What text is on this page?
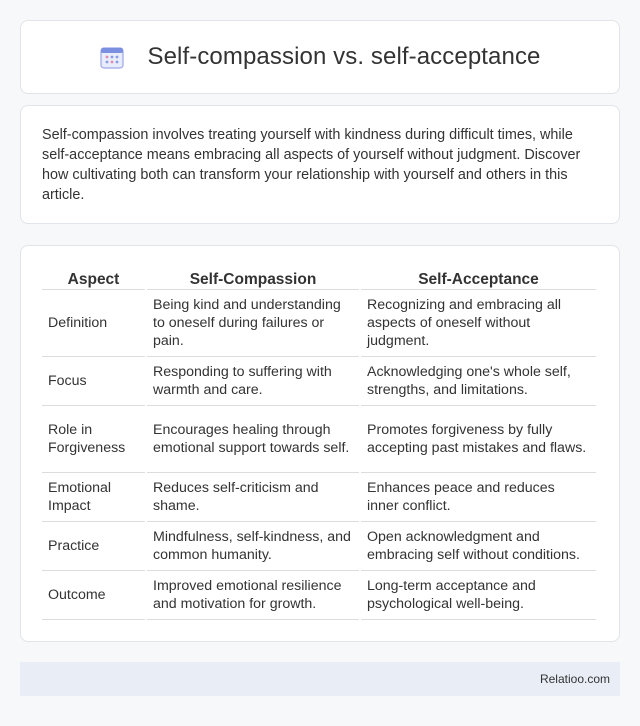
Self-compassion vs. self-acceptance

Self-compassion involves treating yourself with kindness during difficult times, while self-acceptance means embracing all aspects of yourself without judgment. Discover how cultivating both can transform your relationship with yourself and others in this article.

Aspect	Self-Compassion	Self-Acceptance
Definition	Being kind and understanding to oneself during failures or pain.	Recognizing and embracing all aspects of oneself without judgment.
Focus	Responding to suffering with warmth and care.	Acknowledging one's whole self, strengths, and limitations.
Role in Forgiveness	Encourages healing through emotional support towards self.	Promotes forgiveness by fully accepting past mistakes and flaws.
Emotional Impact	Reduces self-criticism and shame.	Enhances peace and reduces inner conflict.
Practice	Mindfulness, self-kindness, and common humanity.	Open acknowledgment and embracing self without conditions.
Outcome	Improved emotional resilience and motivation for growth.	Long-term acceptance and psychological well-being.
Relatioo.com
